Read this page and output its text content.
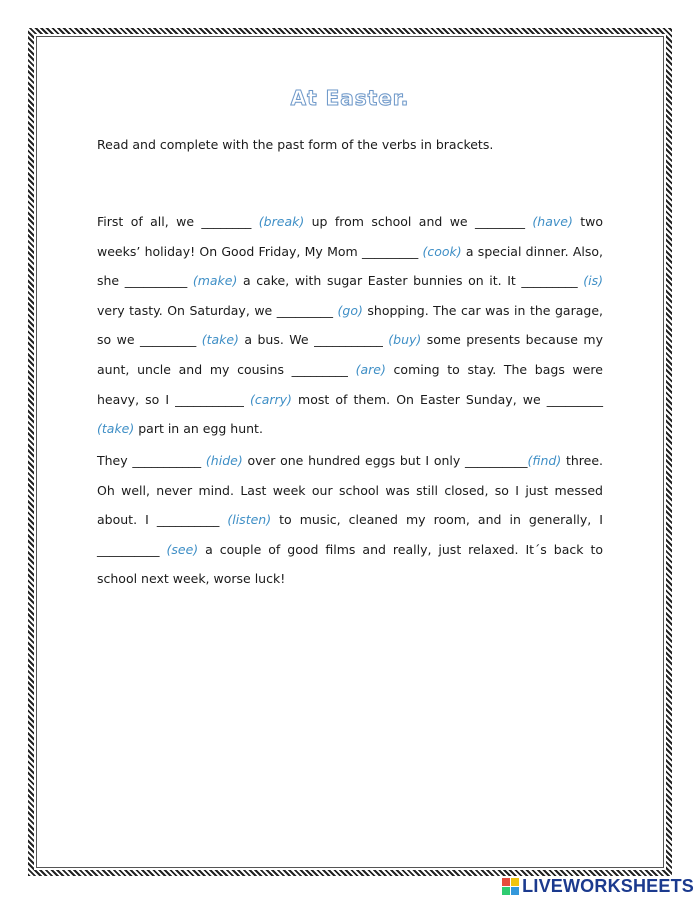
At Easter.
Read and complete with the past form of the verbs in brackets.

First of all, we ________ (break) up from school and we ________ (have) two weeks’ holiday! On Good Friday, My Mom _________ (cook) a special dinner. Also, she __________ (make) a cake, with sugar Easter bunnies on it. It _________ (is) very tasty. On Saturday, we _________ (go) shopping. The car was in the garage, so we _________ (take) a bus. We ___________ (buy) some presents because my aunt, uncle and my cousins _________ (are) coming to stay. The bags were heavy, so I ___________ (carry) most of them. On Easter Sunday, we _________ (take) part in an egg hunt.

They ___________ (hide) over one hundred eggs but I only __________(find) three. Oh well, never mind. Last week our school was still closed, so I just messed about. I __________ (listen) to music, cleaned my room, and in generally, I __________ (see) a couple of good films and really, just relaxed. It´s back to school next week, worse luck!

LIVEWORKSHEETS
